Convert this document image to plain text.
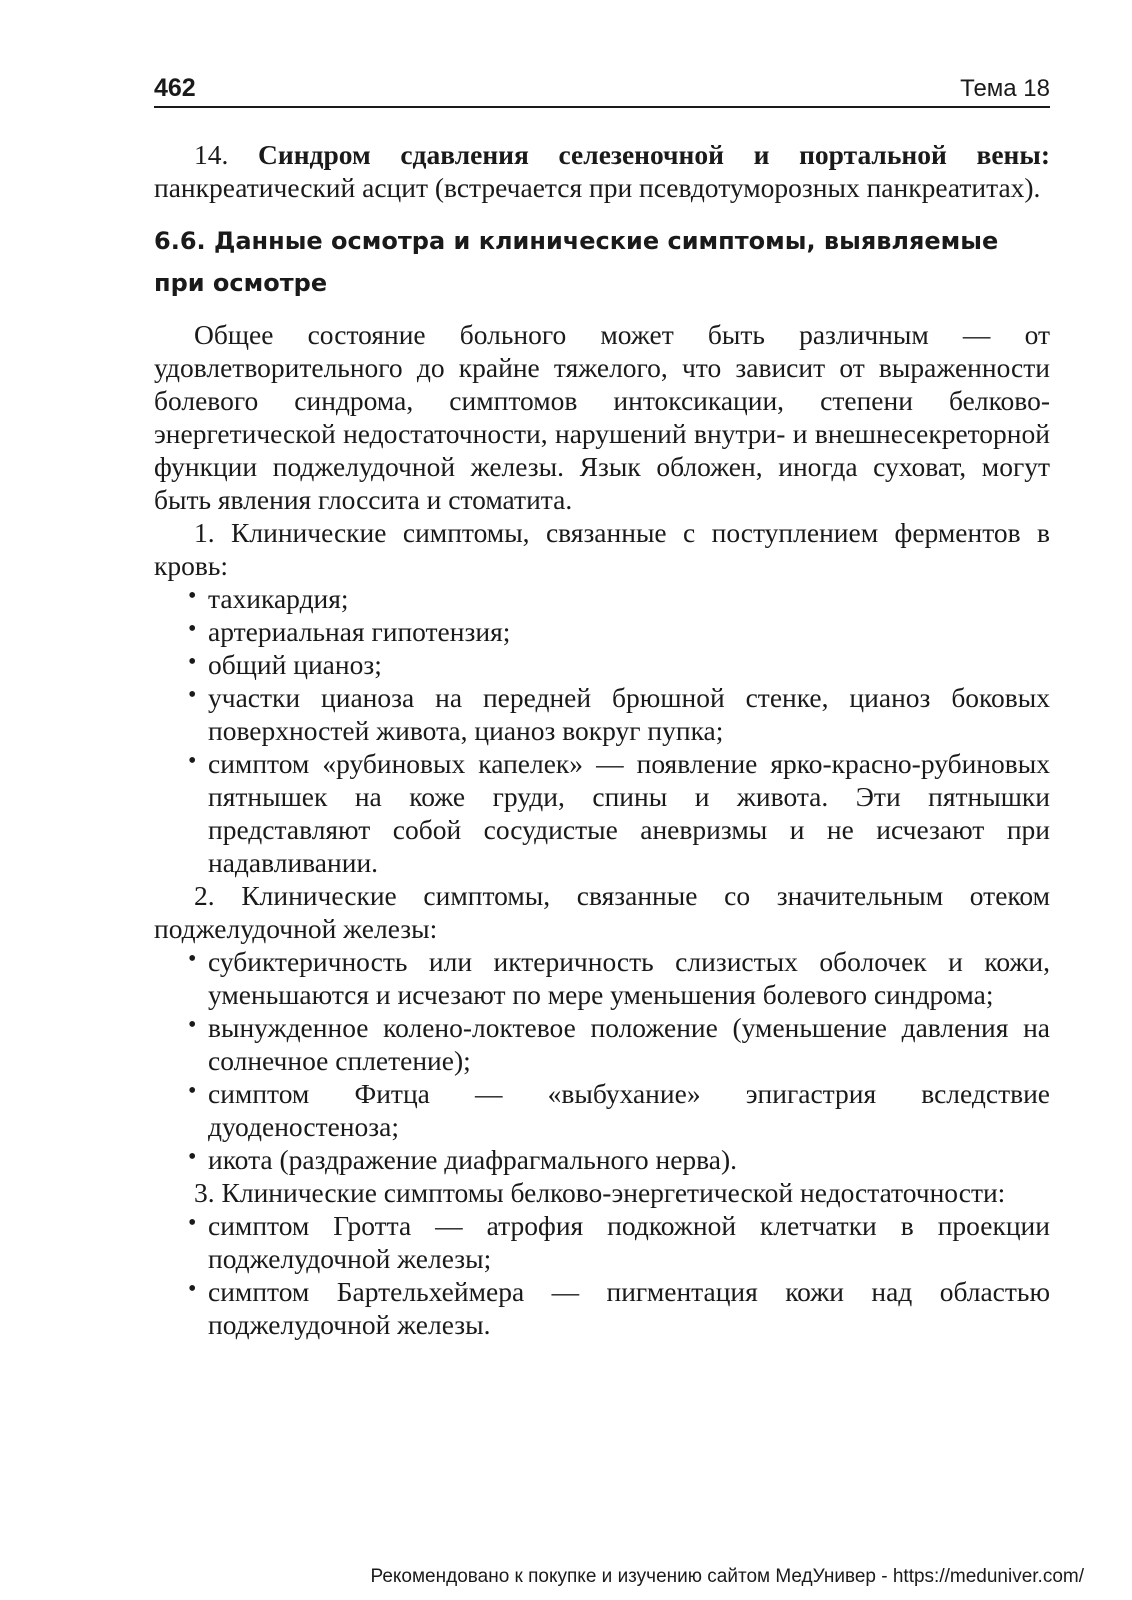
462	Тема 18

14. Синдром сдавления селезеночной и портальной вены: панкреатический асцит (встречается при псевдотуморозных панкреатитах).

6.6. Данные осмотра и клинические симптомы, выявляемые при осмотре

Общее состояние больного может быть различным — от удовлетворительного до крайне тяжелого, что зависит от выраженности болевого синдрома, симптомов интоксикации, степени белково-энергетической недостаточности, нарушений внутри- и внешнесекреторной функции поджелудочной железы. Язык обложен, иногда суховат, могут быть явления глоссита и стоматита.

1. Клинические симптомы, связанные с поступлением ферментов в кровь:

• тахикардия;
• артериальная гипотензия;
• общий цианоз;
• участки цианоза на передней брюшной стенке, цианоз боковых поверхностей живота, цианоз вокруг пупка;
• симптом «рубиновых капелек» — появление ярко-красно-рубиновых пятнышек на коже груди, спины и живота. Эти пятнышки представляют собой сосудистые аневризмы и не исчезают при надавливании.

2. Клинические симптомы, связанные со значительным отеком поджелудочной железы:

• субиктеричность или иктеричность слизистых оболочек и кожи, уменьшаются и исчезают по мере уменьшения болевого синдрома;
• вынужденное колено-локтевое положение (уменьшение давления на солнечное сплетение);
• симптом Фитца — «выбухание» эпигастрия вследствие дуоденостеноза;
• икота (раздражение диафрагмального нерва).

3. Клинические симптомы белково-энергетической недостаточности:

• симптом Гротта — атрофия подкожной клетчатки в проекции поджелудочной железы;
• симптом Бартельхеймера — пигментация кожи над областью поджелудочной железы.
Рекомендовано к покупке и изучению сайтом МедУнивер - https://meduniver.com/
